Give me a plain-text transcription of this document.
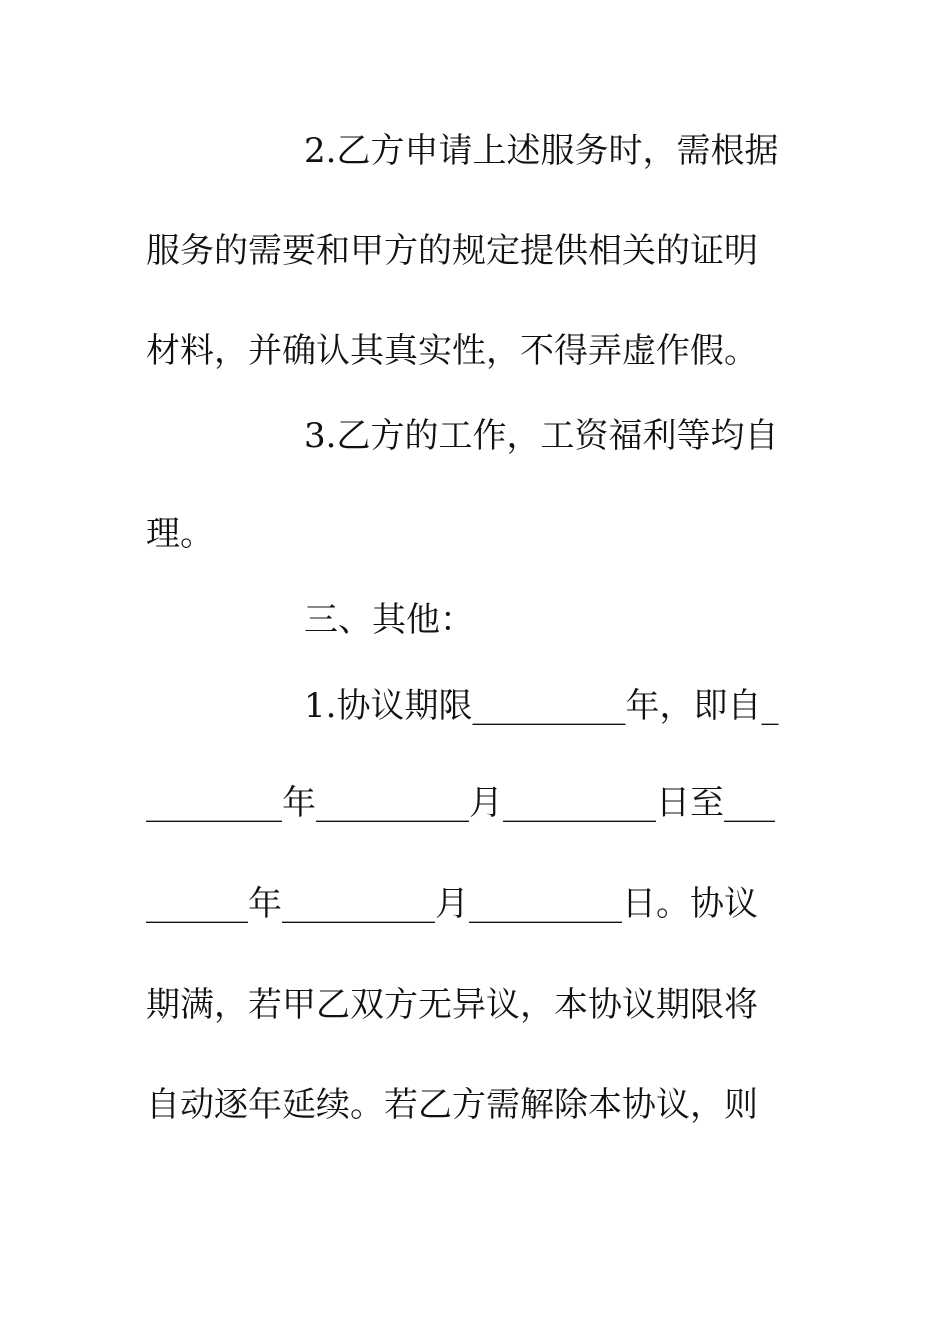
2.乙方申请上述服务时，需根据
服务的需要和甲方的规定提供相关的证明
材料，并确认其真实性，不得弄虚作假。
3.乙方的工作，工资福利等均自
理。
三、其他：
1.协议期限_________年，即自_
________年_________月_________日至___
______年_________月_________日。协议
期满，若甲乙双方无异议，本协议期限将
自动逐年延续。若乙方需解除本协议，则
